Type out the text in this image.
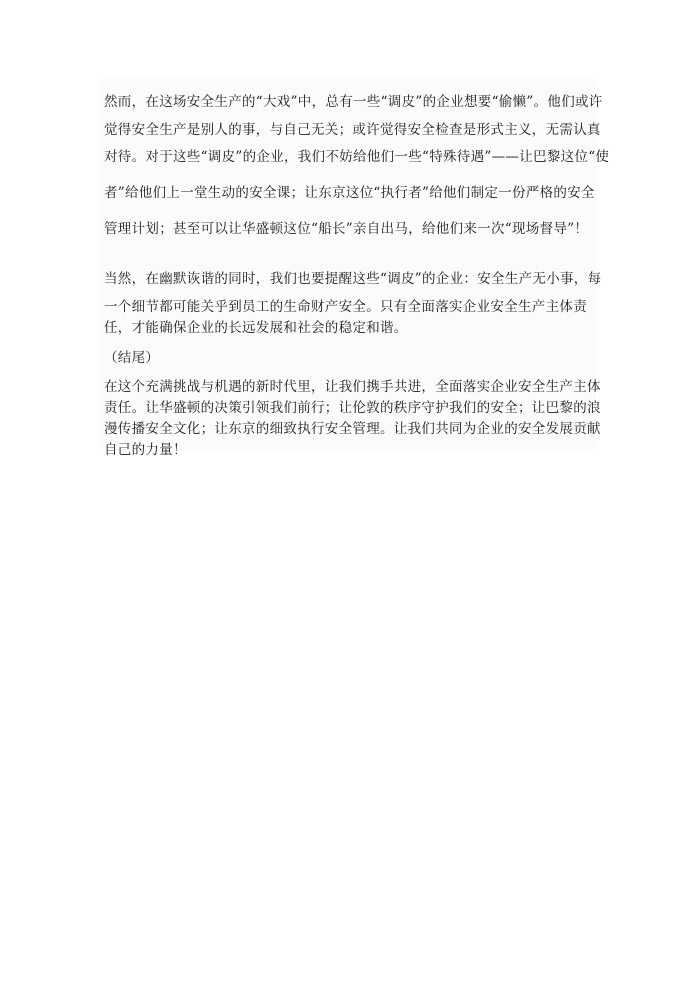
然而，在这场安全生产的“大戏”中，总有一些“调皮”的企业想要“偷懒”。他们或许
觉得安全生产是别人的事，与自己无关；或许觉得安全检查是形式主义，无需认真
对待。对于这些“调皮”的企业，我们不妨给他们一些“特殊待遇”——让巴黎这位“使
者”给他们上一堂生动的安全课；让东京这位“执行者”给他们制定一份严格的安全
管理计划；甚至可以让华盛顿这位“船长”亲自出马，给他们来一次“现场督导”！
当然，在幽默诙谐的同时，我们也要提醒这些“调皮”的企业：安全生产无小事，每
一个细节都可能关乎到员工的生命财产安全。只有全面落实企业安全生产主体责
任，才能确保企业的长远发展和社会的稳定和谐。
（结尾）
在这个充满挑战与机遇的新时代里，让我们携手共进，全面落实企业安全生产主体
责任。让华盛顿的决策引领我们前行；让伦敦的秩序守护我们的安全；让巴黎的浪
漫传播安全文化；让东京的细致执行安全管理。让我们共同为企业的安全发展贡献
自己的力量！
